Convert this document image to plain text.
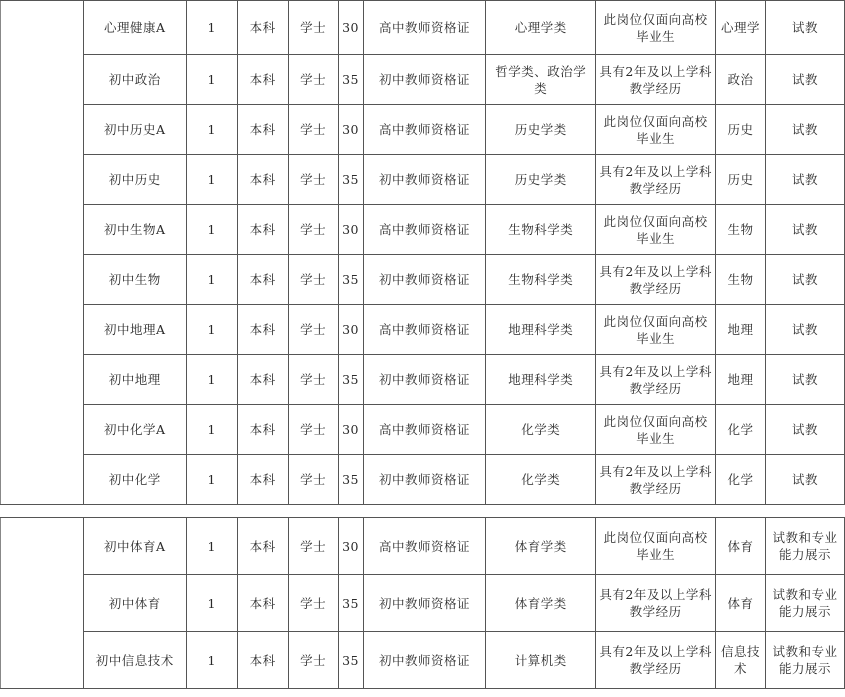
	心理健康A	1	本科	学士	30	高中教师资格证	心理学类	此岗位仅面向高校毕业生	心理学	试教
	初中政治	1	本科	学士	35	初中教师资格证	哲学类、政治学类	具有2年及以上学科教学经历	政治	试教
	初中历史A	1	本科	学士	30	高中教师资格证	历史学类	此岗位仅面向高校毕业生	历史	试教
	初中历史	1	本科	学士	35	初中教师资格证	历史学类	具有2年及以上学科教学经历	历史	试教
	初中生物A	1	本科	学士	30	高中教师资格证	生物科学类	此岗位仅面向高校毕业生	生物	试教
	初中生物	1	本科	学士	35	初中教师资格证	生物科学类	具有2年及以上学科教学经历	生物	试教
	初中地理A	1	本科	学士	30	高中教师资格证	地理科学类	此岗位仅面向高校毕业生	地理	试教
	初中地理	1	本科	学士	35	初中教师资格证	地理科学类	具有2年及以上学科教学经历	地理	试教
	初中化学A	1	本科	学士	30	高中教师资格证	化学类	此岗位仅面向高校毕业生	化学	试教
	初中化学	1	本科	学士	35	初中教师资格证	化学类	具有2年及以上学科教学经历	化学	试教
	初中体育A	1	本科	学士	30	高中教师资格证	体育学类	此岗位仅面向高校毕业生	体育	试教和专业能力展示
	初中体育	1	本科	学士	35	初中教师资格证	体育学类	具有2年及以上学科教学经历	体育	试教和专业能力展示
	初中信息技术	1	本科	学士	35	初中教师资格证	计算机类	具有2年及以上学科教学经历	信息技术	试教和专业能力展示
